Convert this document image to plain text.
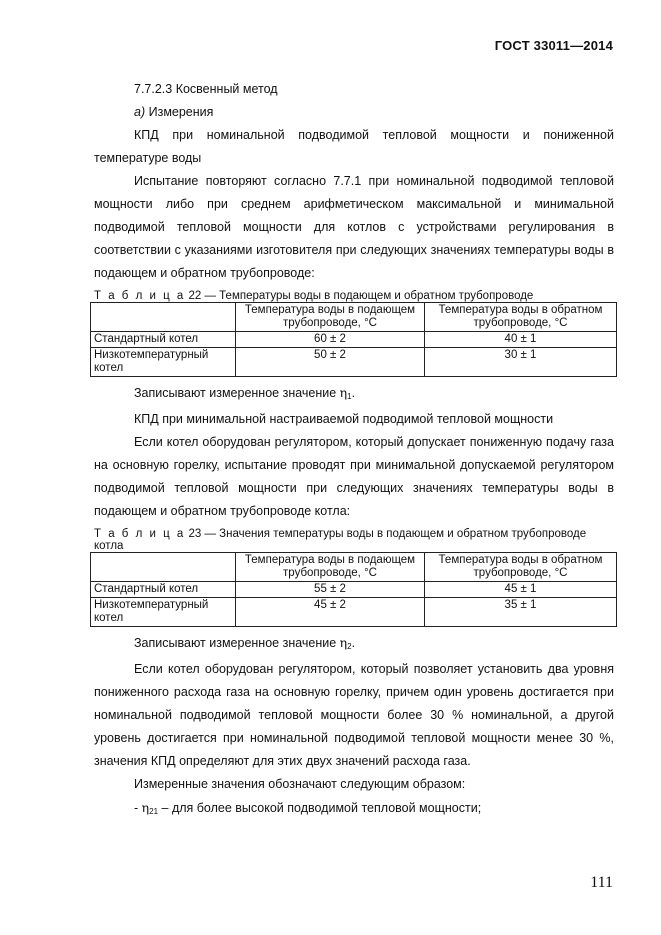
ГОСТ 33011—2014

7.7.2.3 Косвенный метод

а) Измерения

КПД при номинальной подводимой тепловой мощности и пониженной температуре воды

Испытание повторяют согласно 7.7.1 при номинальной подводимой тепловой мощности либо при среднем арифметическом максимальной и минимальной подводимой тепловой мощности для котлов с устройствами регулирования в соответствии с указаниями изготовителя при следующих значениях температуры воды в подающем и обратном трубопроводе:

Т а б л и ц а 22 — Температуры воды в подающем и обратном трубопроводе
	Температура воды в подающем трубопроводе, °С	Температура воды в обратном трубопроводе, °С
Стандартный котел	60 ± 2	40 ± 1
Низкотемпературный котел	50 ± 2	30 ± 1

Записывают измеренное значение $\eta_1$.

КПД при минимальной настраиваемой подводимой тепловой мощности

Если котел оборудован регулятором, который допускает пониженную подачу газа на основную горелку, испытание проводят при минимальной допускаемой регулятором подводимой тепловой мощности при следующих значениях температуры воды в подающем и обратном трубопроводе котла:

Т а б л и ц а 23 — Значения температуры воды в подающем и обратном трубопроводе котла
	Температура воды в подающем трубопроводе, °С	Температура воды в обратном трубопроводе, °С
Стандартный котел	55 ± 2	45 ± 1
Низкотемпературный котел	45 ± 2	35 ± 1

Записывают измеренное значение $\eta_2$.

Если котел оборудован регулятором, который позволяет установить два уровня пониженного расхода газа на основную горелку, причем один уровень достигается при номинальной подводимой тепловой мощности более 30 % номинальной, а другой уровень достигается при номинальной подводимой тепловой мощности менее 30 %, значения КПД определяют для этих двух значений расхода газа.

Измеренные значения обозначают следующим образом:

- $\eta_{21}$ – для более высокой подводимой тепловой мощности;

111
